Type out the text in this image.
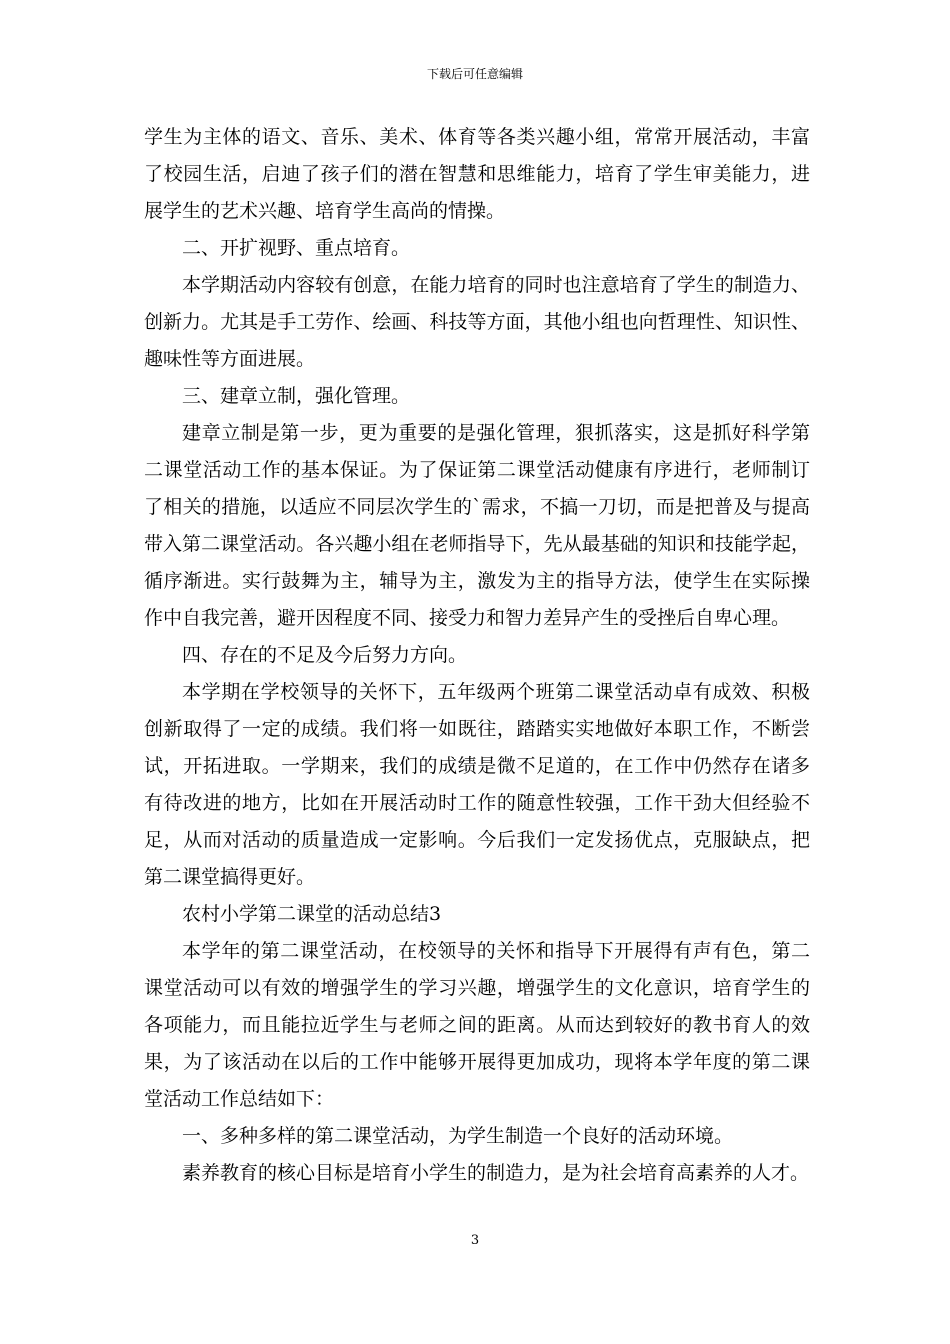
下载后可任意编辑
学生为主体的语文、音乐、美术、体育等各类兴趣小组，常常开展活动，丰富
了校园生活，启迪了孩子们的潜在智慧和思维能力，培育了学生审美能力，进
展学生的艺术兴趣、培育学生高尚的情操。
二、开扩视野、重点培育。
本学期活动内容较有创意，在能力培育的同时也注意培育了学生的制造力、
创新力。尤其是手工劳作、绘画、科技等方面，其他小组也向哲理性、知识性、
趣味性等方面进展。
三、建章立制，强化管理。
建章立制是第一步，更为重要的是强化管理，狠抓落实，这是抓好科学第
二课堂活动工作的基本保证。为了保证第二课堂活动健康有序进行，老师制订
了相关的措施，以适应不同层次学生的`需求，不搞一刀切，而是把普及与提高
带入第二课堂活动。各兴趣小组在老师指导下，先从最基础的知识和技能学起，
循序渐进。实行鼓舞为主，辅导为主，激发为主的指导方法，使学生在实际操
作中自我完善，避开因程度不同、接受力和智力差异产生的受挫后自卑心理。
四、存在的不足及今后努力方向。
本学期在学校领导的关怀下，五年级两个班第二课堂活动卓有成效、积极
创新取得了一定的成绩。我们将一如既往，踏踏实实地做好本职工作，不断尝
试，开拓进取。一学期来，我们的成绩是微不足道的，在工作中仍然存在诸多
有待改进的地方，比如在开展活动时工作的随意性较强，工作干劲大但经验不
足，从而对活动的质量造成一定影响。今后我们一定发扬优点，克服缺点，把
第二课堂搞得更好。
农村小学第二课堂的活动总结3
本学年的第二课堂活动，在校领导的关怀和指导下开展得有声有色，第二
课堂活动可以有效的增强学生的学习兴趣，增强学生的文化意识，培育学生的
各项能力，而且能拉近学生与老师之间的距离。从而达到较好的教书育人的效
果，为了该活动在以后的工作中能够开展得更加成功，现将本学年度的第二课
堂活动工作总结如下：
一、多种多样的第二课堂活动，为学生制造一个良好的活动环境。
素养教育的核心目标是培育小学生的制造力，是为社会培育高素养的人才。
3
